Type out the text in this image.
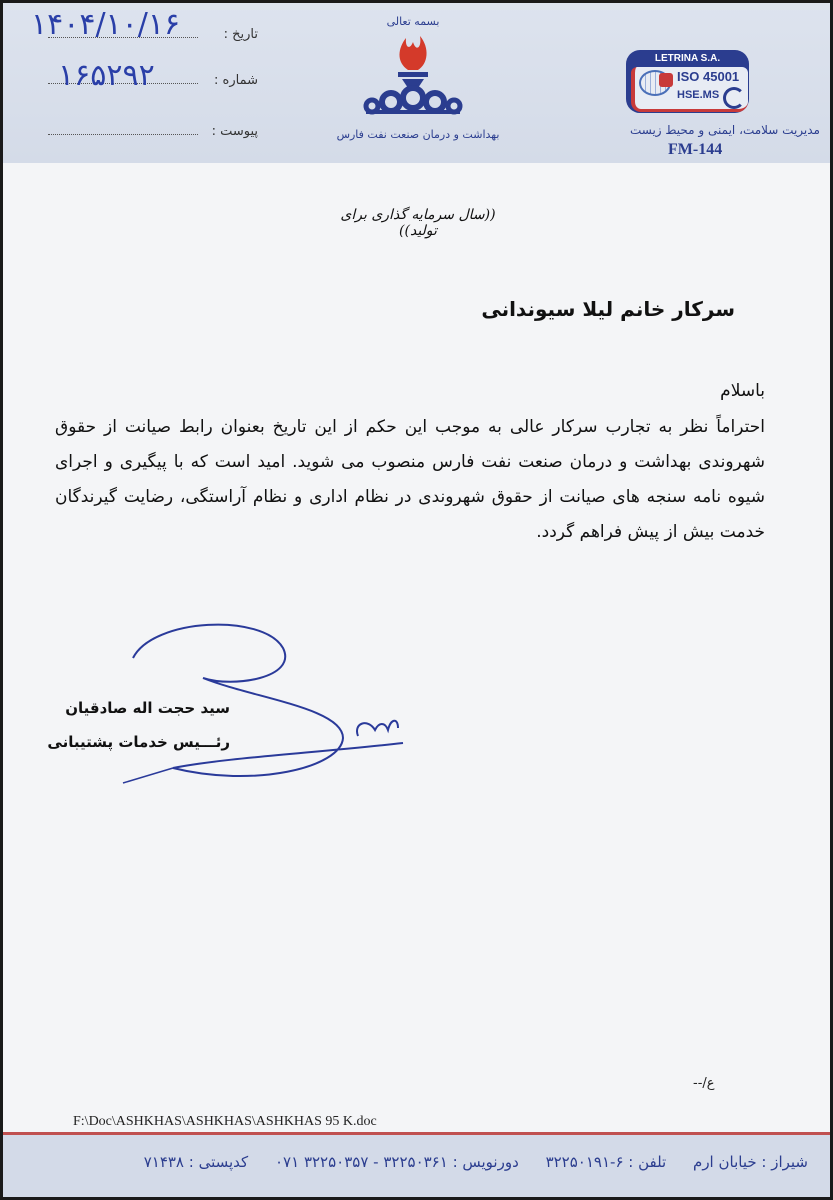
تاریخ :
۱۴۰۴/۱۰/۱۶
شماره :
۱۶۵۲۹۲
پیوست :
بسمه تعالی
بهداشت و درمان صنعت نفت فارس
LETRINA S.A.
ISO 45001
HSE.MS
مدیریت سلامت، ایمنی و محیط زیست
FM-144
((سال سرمایه گذاری برای تولید))
سرکار خانم لیلا سیوندانی
باسلام
احتراماً نظر به تجارب سرکار عالی به موجب این حکم از این تاریخ بعنوان رابط صیانت از حقوق شهروندی بهداشت و درمان صنعت نفت فارس منصوب می شوید. امید است که با پیگیری و اجرای شیوه نامه سنجه های صیانت از حقوق شهروندی در نظام اداری و نظام آراستگی، رضایت گیرندگان خدمت بیش از پیش فراهم گردد.
سید حجت اله صادقیان
رئـــیس خدمات پشتیبانی
--/ع
F:\Doc\ASHKHAS\ASHKHAS\ASHKHAS 95 K.doc
شیراز : خیابان ارم تلفن : ۶-۳۲۲۵۰۱۹۱ دورنویس : ۳۲۲۵۰۳۶۱ - ۳۲۲۵۰۳۵۷ ۰۷۱ کدپستی : ۷۱۴۳۸
